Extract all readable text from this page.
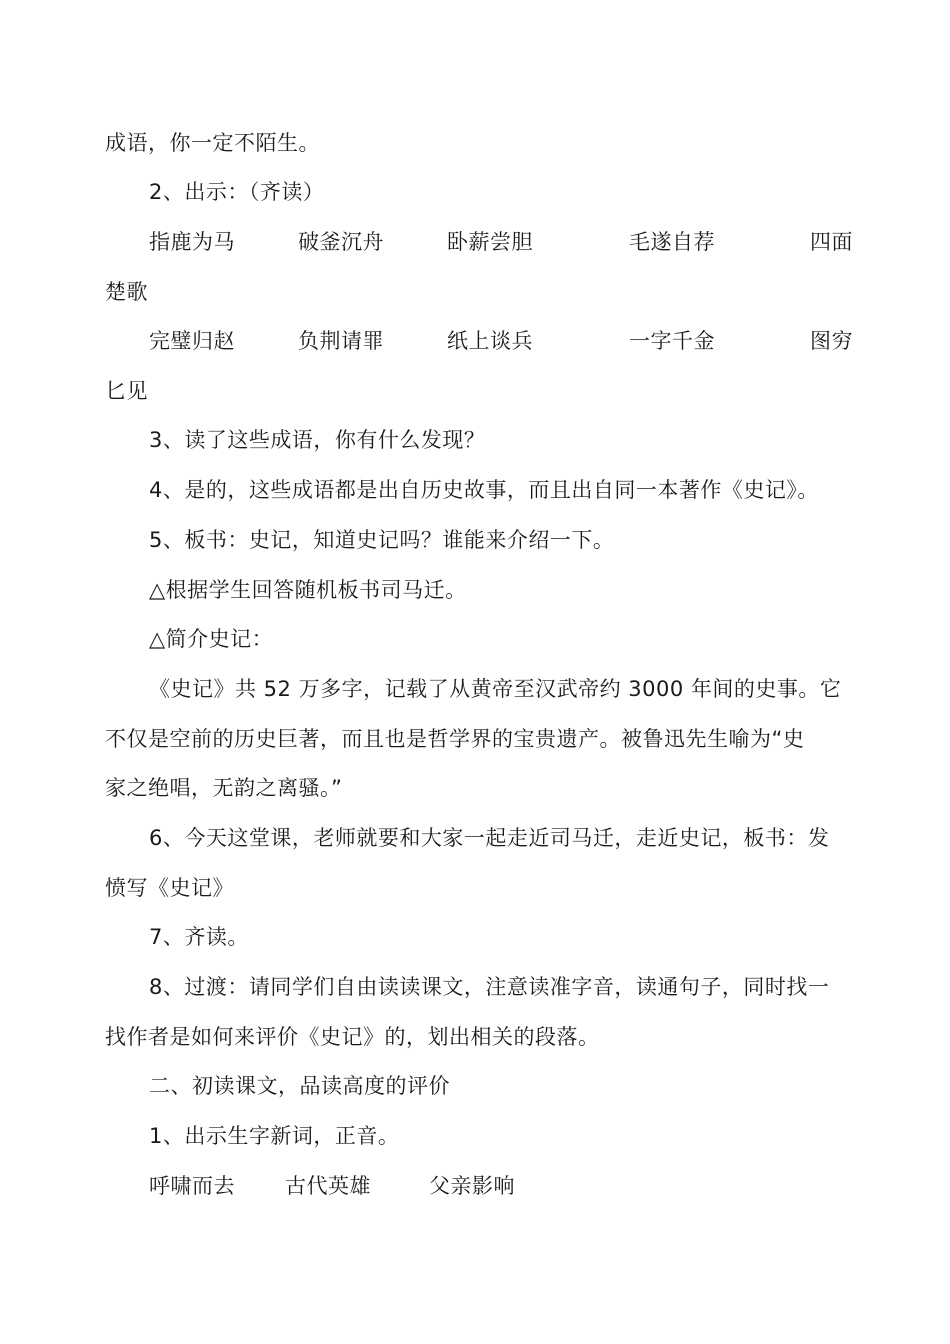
成语，你一定不陌生。
2、出示：（齐读）
指鹿为马	破釜沉舟	卧薪尝胆	毛遂自荐	四面
楚歌
完璧归赵	负荆请罪	纸上谈兵	一字千金	图穷
匕见
3、读了这些成语，你有什么发现？
4、是的，这些成语都是出自历史故事，而且出自同一本著作《史记》。
5、板书：史记，知道史记吗？谁能来介绍一下。
△根据学生回答随机板书司马迁。
△简介史记：
《史记》共 52 万多字，记载了从黄帝至汉武帝约 3000 年间的史事。它
不仅是空前的历史巨著，而且也是哲学界的宝贵遗产。被鲁迅先生喻为“史
家之绝唱，无韵之离骚。”
6、今天这堂课，老师就要和大家一起走近司马迁，走近史记，板书：发
愤写《史记》
7、齐读。
8、过渡：请同学们自由读读课文，注意读准字音，读通句子，同时找一
找作者是如何来评价《史记》的，划出相关的段落。
二、初读课文，品读高度的评价
1、出示生字新词，正音。
呼啸而去 古代英雄	父亲影响
